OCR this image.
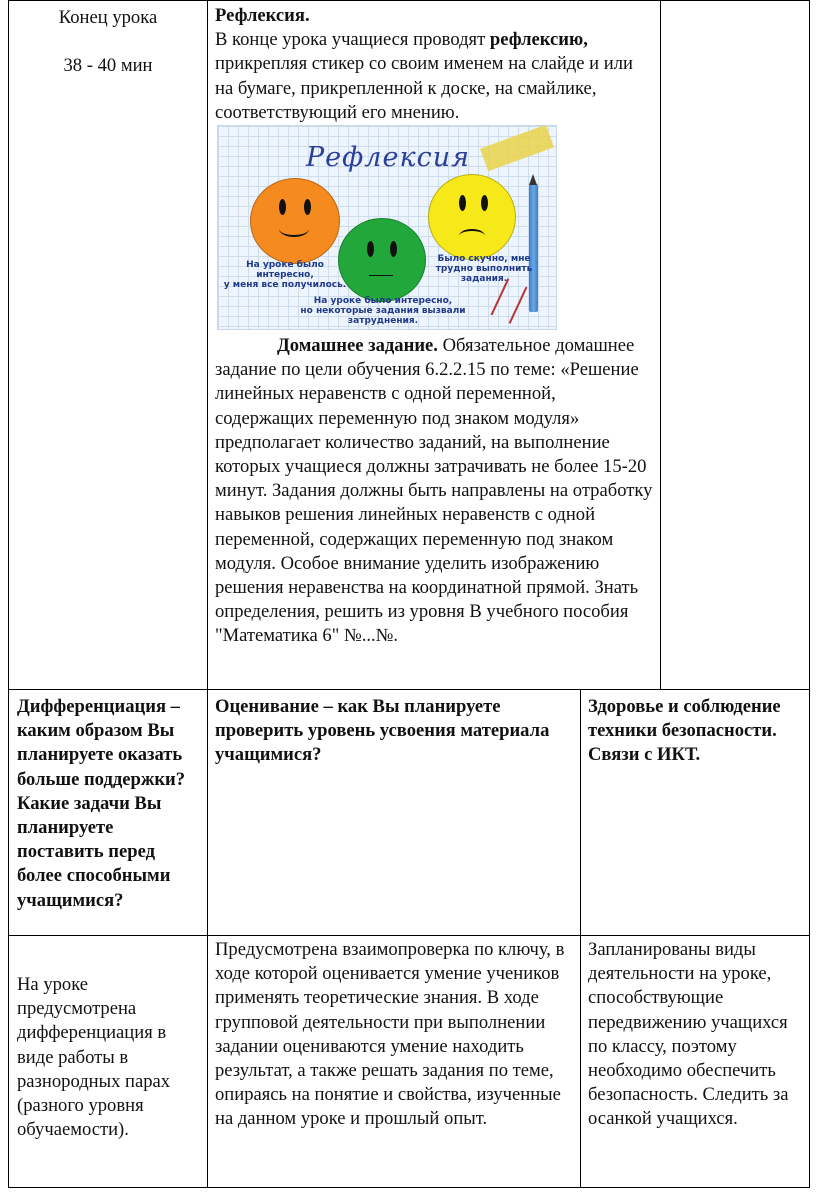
Конец урока

38 - 40 мин

Рефлексия.

В конце урока учащиеся проводят рефлексию, прикрепляя стикер со своим именем на слайде и или на бумаге, прикрепленной к доске, на смайлике, соответствующий его мнению.

Рефлексия
На уроке было интересно,
у меня все получилось.
Было скучно, мне
трудно выполнить задания.
На уроке было интересно,
но некоторые задания вызвали затруднения.

Домашнее задание. Обязательное домашнее задание по цели обучения 6.2.2.15 по теме: «Решение линейных неравенств с одной переменной, содержащих переменную под знаком модуля» предполагает количество заданий, на выполнение которых учащиеся должны затрачивать не более 15-20 минут. Задания должны быть направлены на отработку навыков решения линейных неравенств с одной переменной, содержащих переменную под знаком модуля. Особое внимание уделить изображению решения неравенства на координатной прямой. Знать определения, решить из уровня В учебного пособия "Математика 6" №...№.

Дифференциация – каким образом Вы планируете оказать больше поддержки? Какие задачи Вы планируете поставить перед более способными учащимися?
Оценивание – как Вы планируете проверить уровень усвоения материала учащимися?
Здоровье и соблюдение техники безопасности. Связи с ИКТ.
На уроке предусмотрена дифференциация в виде работы в разнородных парах (разного уровня обучаемости).
Предусмотрена взаимопроверка по ключу, в ходе которой оценивается умение учеников применять теоретические знания. В ходе групповой деятельности при выполнении задании оцениваются умение находить результат, а также решать задания по теме, опираясь на понятие и свойства, изученные на данном уроке и прошлый опыт.
Запланированы виды деятельности на уроке, способствующие передвижению учащихся по классу, поэтому необходимо обеспечить безопасность. Следить за осанкой учащихся.
